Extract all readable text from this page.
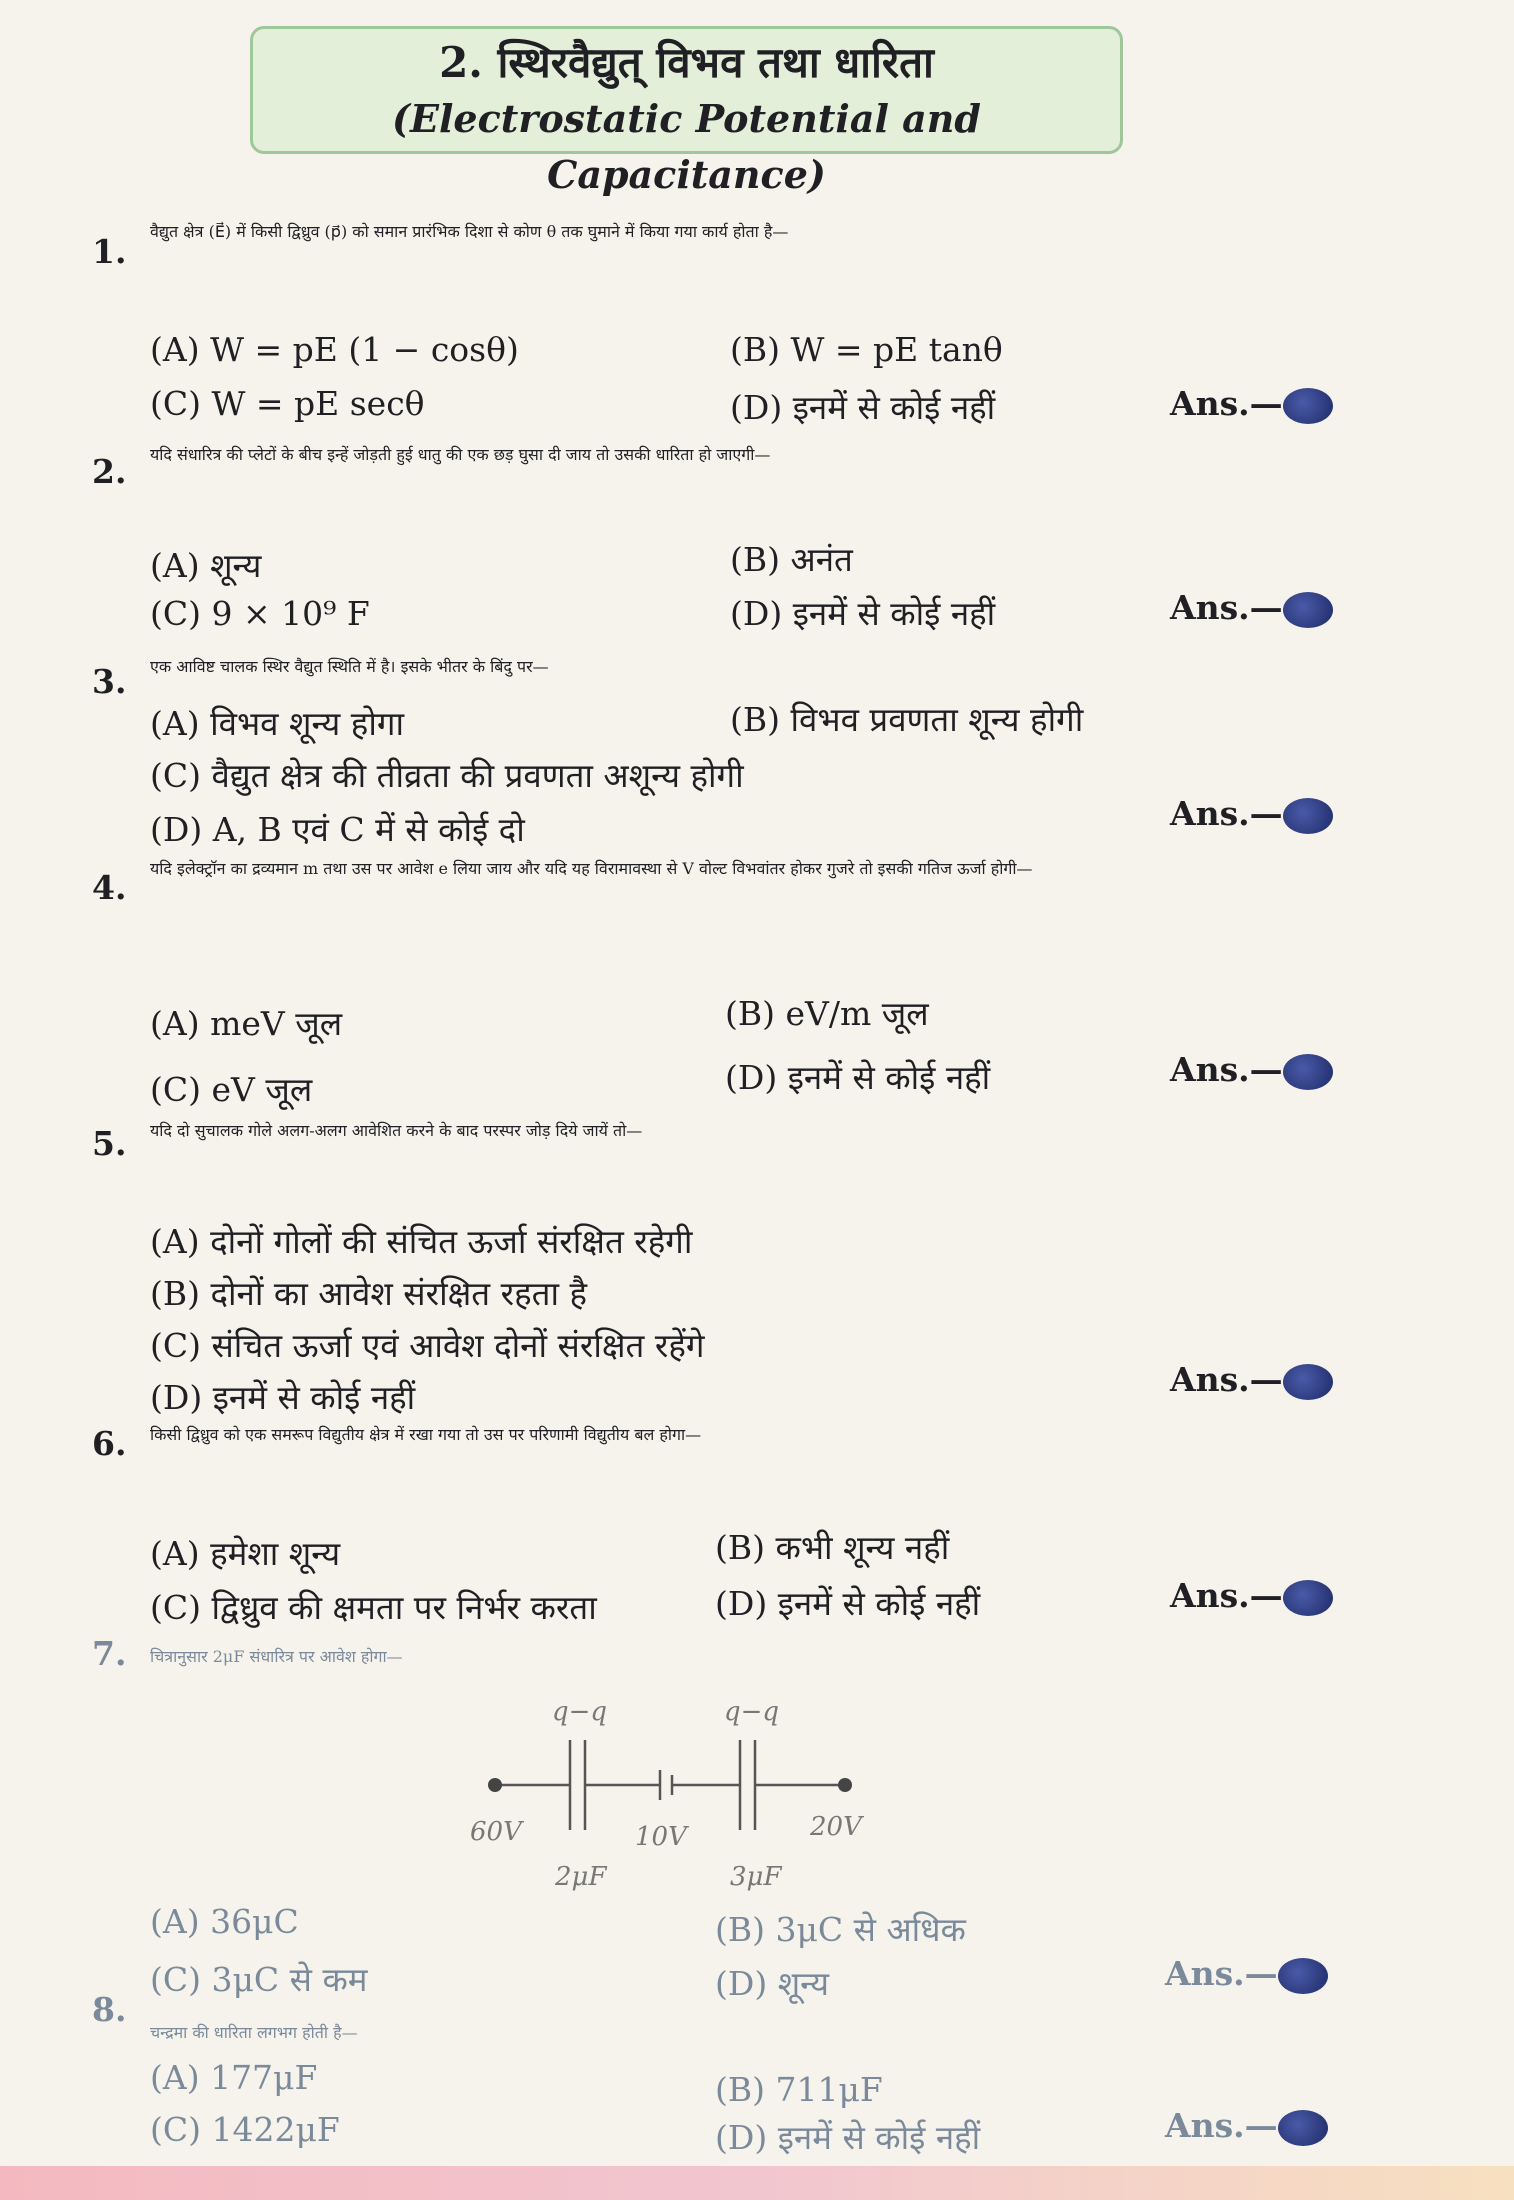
2. स्थिरवैद्युत् विभव तथा धारिता
(Electrostatic Potential and Capacitance)
1.
वैद्युत क्षेत्र (E⃗) में किसी द्विध्रुव (p⃗) को समान प्रारंभिक दिशा से कोण θ तक घुमाने में किया गया कार्य होता है—
(A) W = pE (1 − cosθ)	(B) W = pE tanθ
(C) W = pE secθ	(D) इनमें से कोई नहीं	Ans.—
2. यदि संधारित्र की प्लेटों के बीच इन्हें जोड़ती हुई धातु की एक छड़ घुसा दी जाय तो उसकी धारिता हो जाएगी—
(A) शून्य	(B) अनंत
(C) 9 × 10⁹ F	(D) इनमें से कोई नहीं	Ans.—
3. एक आविष्ट चालक स्थिर वैद्युत स्थिति में है। इसके भीतर के बिंदु पर—
(A) विभव शून्य होगा	(B) विभव प्रवणता शून्य होगी
(C) वैद्युत क्षेत्र की तीव्रता की प्रवणता अशून्य होगी
(D) A, B एवं C में से कोई दो	Ans.—
4. यदि इलेक्ट्रॉन का द्रव्यमान m तथा उस पर आवेश e लिया जाय और यदि यह विरामावस्था से V वोल्ट विभवांतर होकर गुजरे तो इसकी गतिज ऊर्जा होगी—
(A) meV जूल	(B) eV/m जूल
(C) eV जूल	(D) इनमें से कोई नहीं	Ans.—
5. यदि दो सुचालक गोले अलग-अलग आवेशित करने के बाद परस्पर जोड़ दिये जायें तो—
(A) दोनों गोलों की संचित ऊर्जा संरक्षित रहेगी
(B) दोनों का आवेश संरक्षित रहता है
(C) संचित ऊर्जा एवं आवेश दोनों संरक्षित रहेंगे
(D) इनमें से कोई नहीं	Ans.—
6. किसी द्विध्रुव को एक समरूप विद्युतीय क्षेत्र में रखा गया तो उस पर परिणामी विद्युतीय बल होगा—
(A) हमेशा शून्य	(B) कभी शून्य नहीं
(C) द्विध्रुव की क्षमता पर निर्भर करता	(D) इनमें से कोई नहीं	Ans.—
7. चित्रानुसार 2μF संधारित्र पर आवेश होगा—
q−q	q−q
60V	10V	20V
2μF	3μF
(A) 36μC	(B) 3μC से अधिक
(C) 3μC से कम	(D) शून्य	Ans.—
8.
चन्द्रमा की धारिता लगभग होती है—
(A) 177μF	(B) 711μF
(C) 1422μF	(D) इनमें से कोई नहीं	Ans.—
